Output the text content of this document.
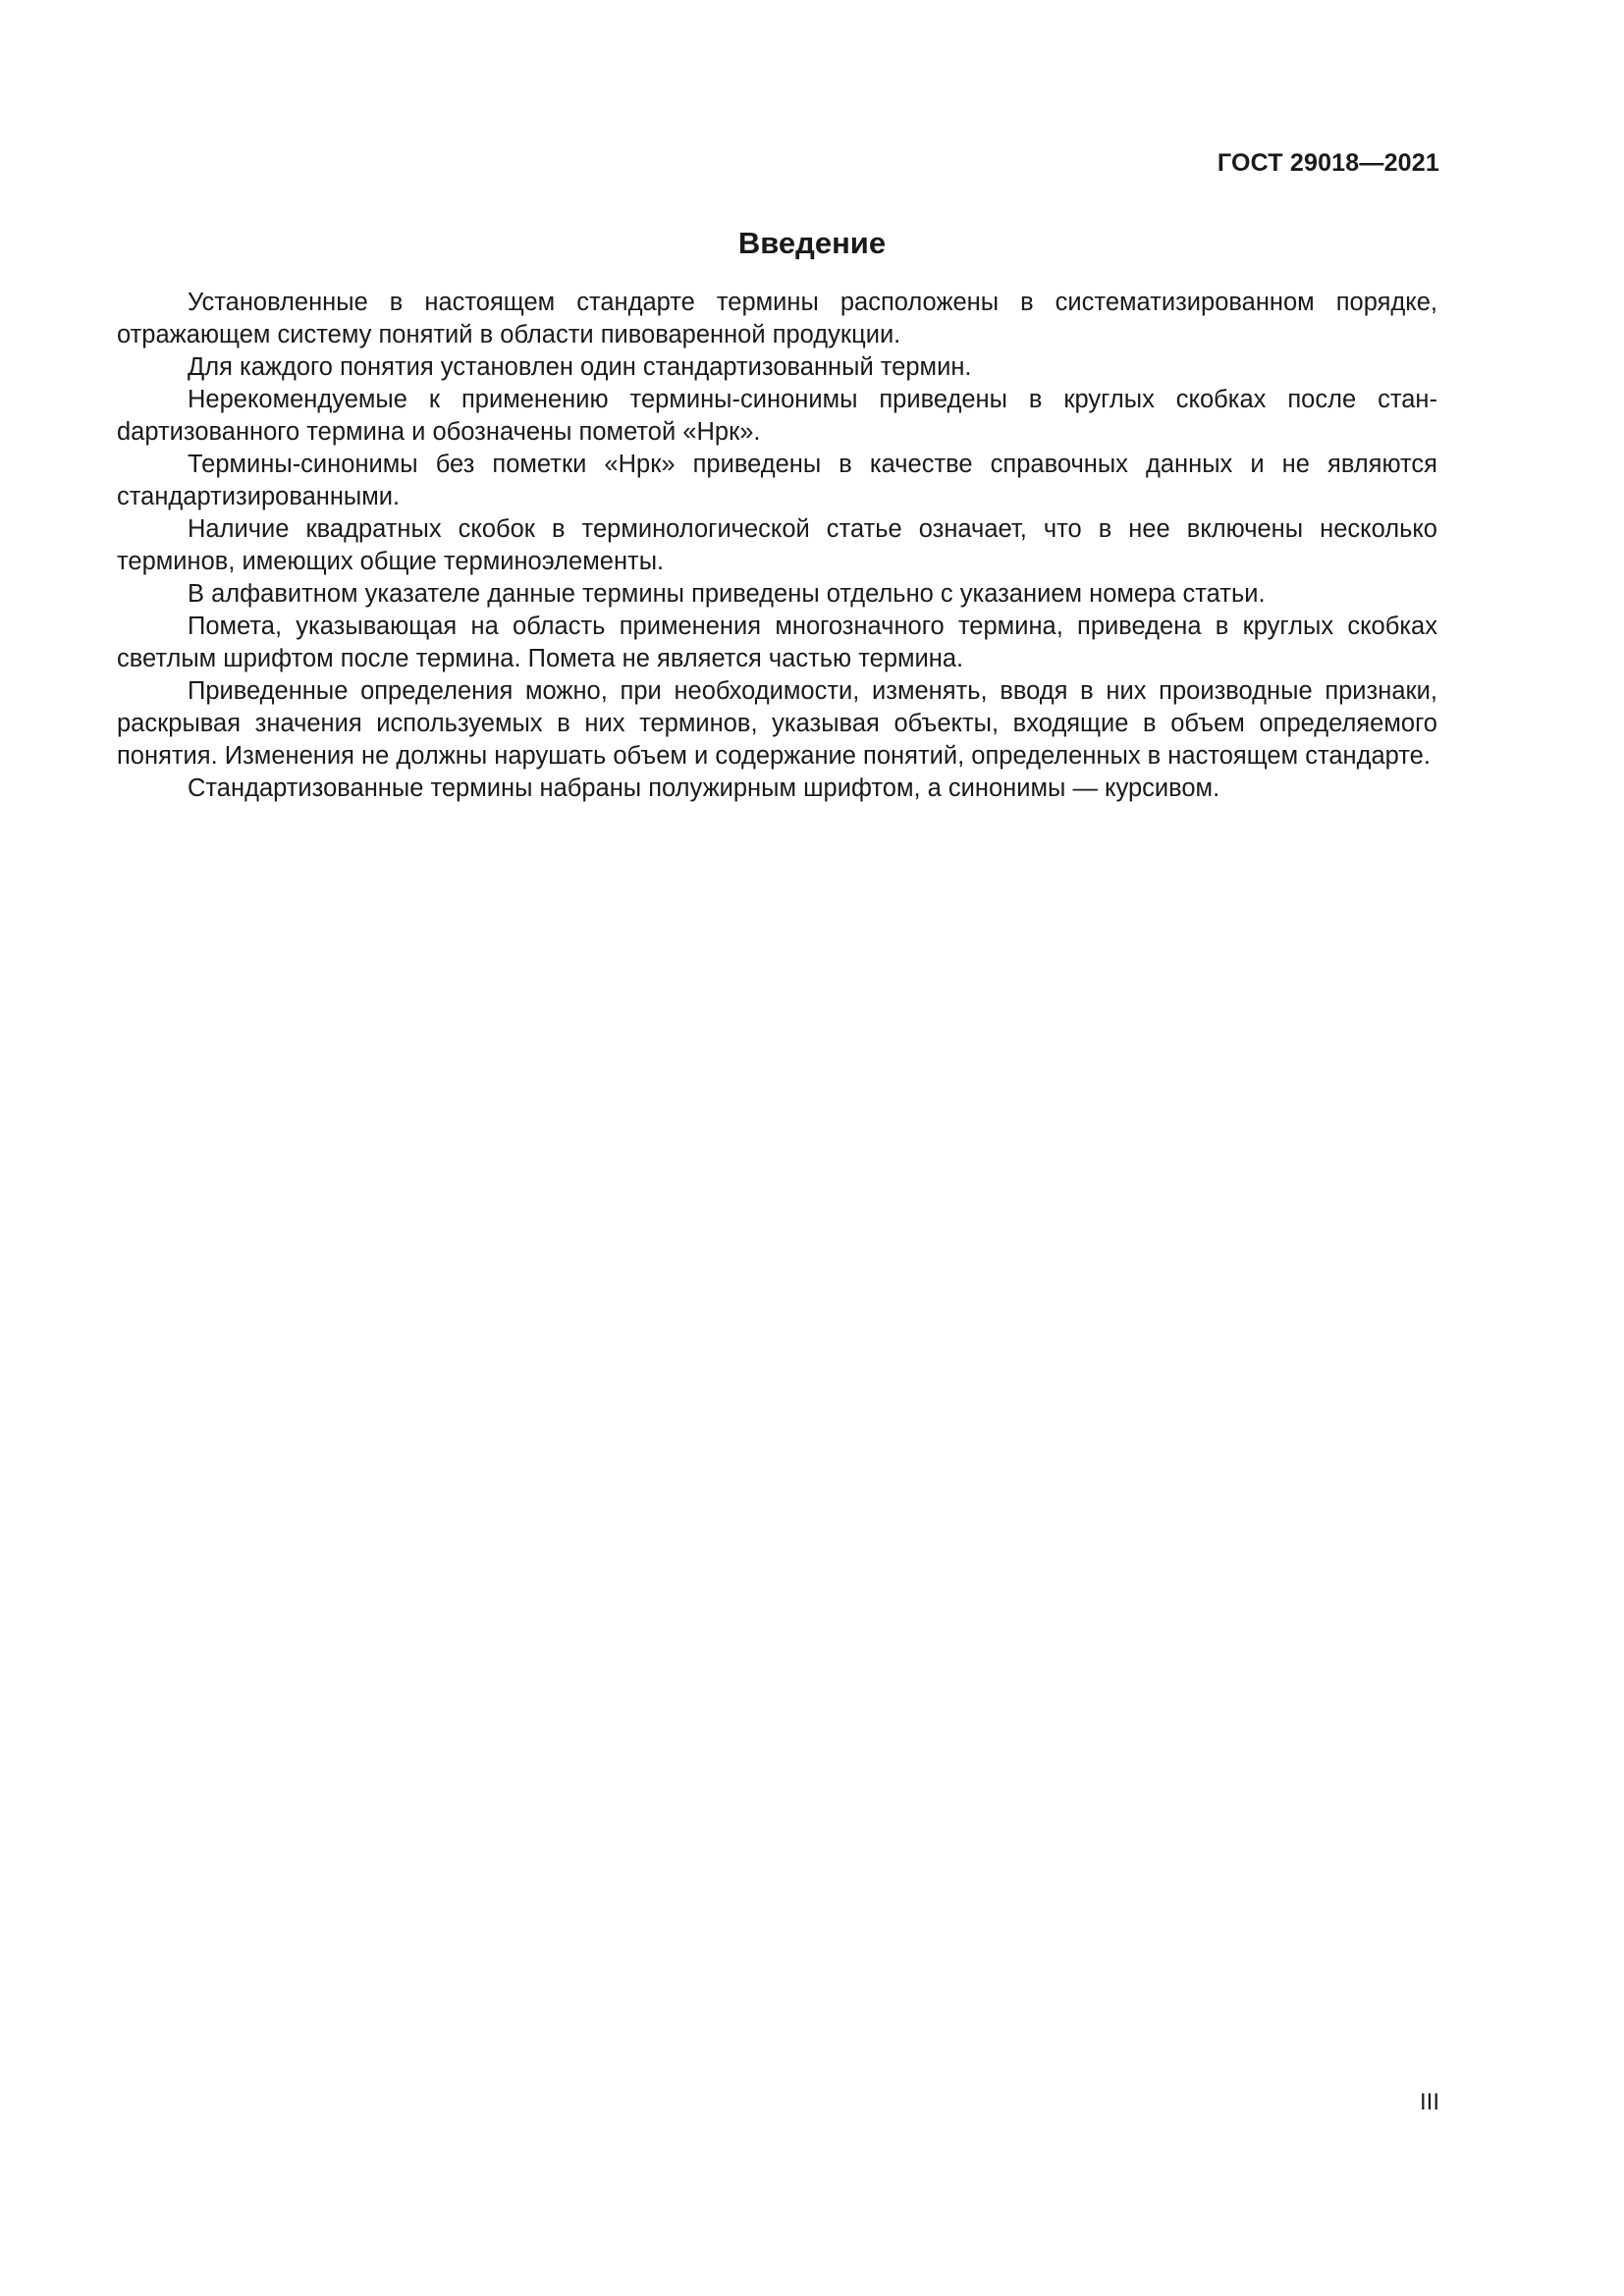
ГОСТ 29018—2021
Введение

Установленные в настоящем стандарте термины расположены в систематизированном порядке, отражающем систему понятий в области пивоваренной продукции.

Для каждого понятия установлен один стандартизованный термин.

Нерекомендуемые к применению термины-синонимы приведены в круглых скобках после станdартизованного термина и обозначены пометой «Нрк».

Термины-синонимы без пометки «Нрк» приведены в качестве справочных данных и не являются стандартизированными.

Наличие квадратных скобок в терминологической статье означает, что в нее включены несколько терминов, имеющих общие терминоэлементы.

В алфавитном указателе данные термины приведены отдельно с указанием номера статьи.

Помета, указывающая на область применения многозначного термина, приведена в круглых скобках светлым шрифтом после термина. Помета не является частью термина.

Приведенные определения можно, при необходимости, изменять, вводя в них производные признаки, раскрывая значения используемых в них терминов, указывая объекты, входящие в объем определяемого понятия. Изменения не должны нарушать объем и содержание понятий, определенных в настоящем стандарте.

Стандартизованные термины набраны полужирным шрифтом, а синонимы — курсивом.

III
